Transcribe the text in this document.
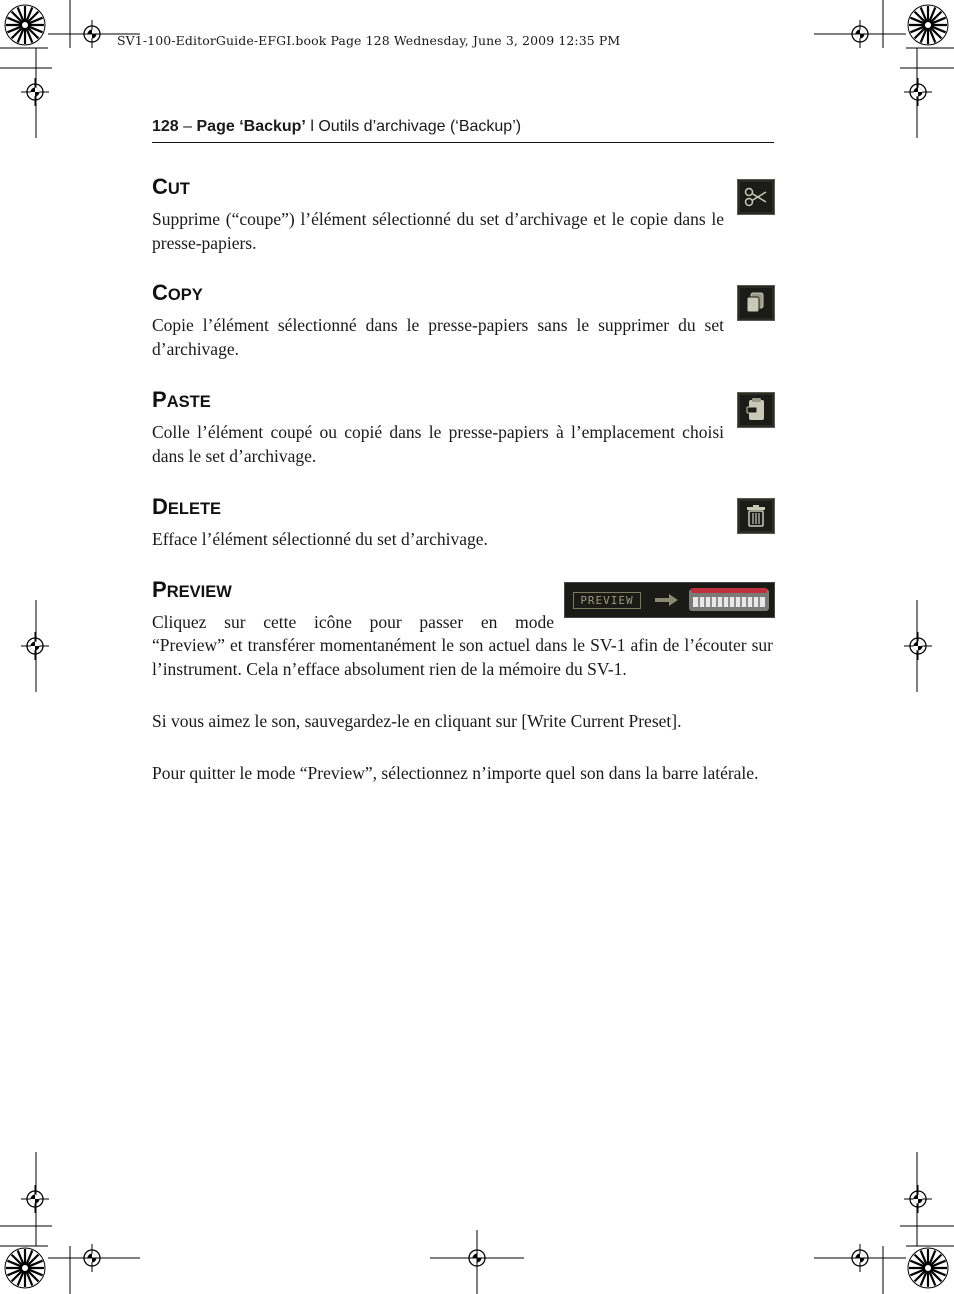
SV1-100-EditorGuide-EFGI.book Page 128 Wednesday, June 3, 2009 12:35 PM
128 – Page ‘Backup’ l Outils d’archivage (‘Backup’)
CUT
Supprime (“coupe”) l’élément sélectionné du set d’archivage et le copie dans le presse-papiers.
COPY
Copie l’élément sélectionné dans le presse-papiers sans le supprimer du set d’archivage.
PASTE
Colle l’élément coupé ou copié dans le presse-papiers à l’emplacement choisi dans le set d’archivage.
DELETE
Efface l’élément sélectionné du set d’archivage.
PREVIEW
Cliquez sur cette icône pour passer en mode
“Preview” et transférer momentanément le son actuel dans le SV-1 afin de l’écouter sur l’instrument. Cela n’efface absolument rien de la mémoire du SV-1.
Si vous aimez le son, sauvegardez-le en cliquant sur [Write Current Preset].
Pour quitter le mode “Preview”, sélectionnez n’importe quel son dans la barre latérale.
PREVIEW
